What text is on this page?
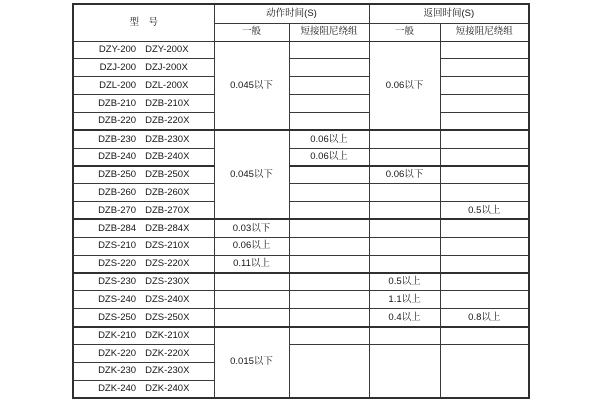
型　号	动作时间(S)		返回时间(S)	
	一般	短接阻尼绕组	一般	短接阻尼绕组

DZY-200 DZY-200X	0.045以下		0.06以下	

DZJ-200 DZJ-200X				

DZL-200 DZL-200X				

DZB-210 DZB-210X				

DZB-220 DZB-220X				

DZB-230 DZB-230X	0.045以下	0.06以上		

DZB-240 DZB-240X		0.06以上		

DZB-250 DZB-250X			0.06以下	

DZB-260 DZB-260X				

DZB-270 DZB-270X				0.5以上

DZB-284 DZB-284X	0.03以下			

DZS-210 DZS-210X	0.06以上			

DZS-220 DZS-220X	0.11以上			

DZS-230 DZS-230X			0.5以上	

DZS-240 DZS-240X			1.1以上	

DZS-250 DZS-250X			0.4以上	0.8以上

DZK-210 DZK-210X	0.015以下			

DZK-220 DZK-220X				

DZK-230 DZK-230X				

DZK-240 DZK-240X				
